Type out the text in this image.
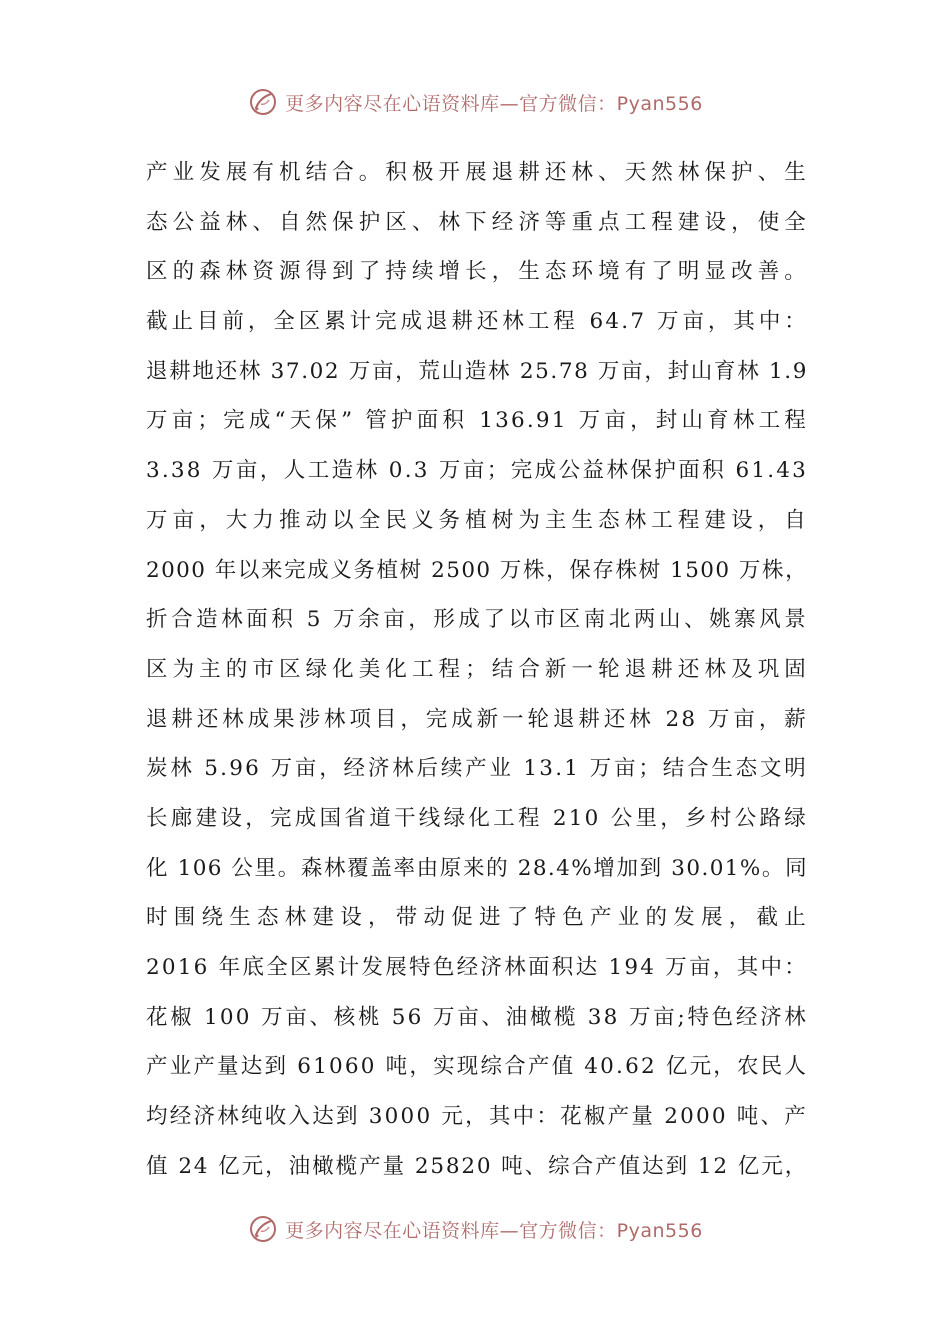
更多内容尽在心语资料库—官方微信：Pyan556
产业发展有机结合。积极开展退耕还林、天然林保护、生
态公益林、自然保护区、林下经济等重点工程建设，使全
区的森林资源得到了持续增长，生态环境有了明显改善。
截止目前，全区累计完成退耕还林工程 64.7 万亩，其中：
退耕地还林 37.02 万亩，荒山造林 25.78 万亩，封山育林 1.9
万亩；完成“天保” 管护面积 136.91 万亩，封山育林工程
3.38 万亩，人工造林 0.3 万亩；完成公益林保护面积 61.43
万亩，大力推动以全民义务植树为主生态林工程建设，自
2000 年以来完成义务植树 2500 万株，保存株树 1500 万株，
折合造林面积 5 万余亩，形成了以市区南北两山、姚寨风景
区为主的市区绿化美化工程；结合新一轮退耕还林及巩固
退耕还林成果涉林项目，完成新一轮退耕还林 28 万亩，薪
炭林 5.96 万亩，经济林后续产业 13.1 万亩；结合生态文明
长廊建设，完成国省道干线绿化工程 210 公里，乡村公路绿
化 106 公里。森林覆盖率由原来的 28.4%增加到 30.01%。同
时围绕生态林建设，带动促进了特色产业的发展，截止
2016 年底全区累计发展特色经济林面积达 194 万亩，其中：
花椒 100 万亩、核桃 56 万亩、油橄榄 38 万亩;特色经济林
产业产量达到 61060 吨，实现综合产值 40.62 亿元，农民人
均经济林纯收入达到 3000 元，其中：花椒产量 2000 吨、产
值 24 亿元，油橄榄产量 25820 吨、综合产值达到 12 亿元，
更多内容尽在心语资料库—官方微信：Pyan556
